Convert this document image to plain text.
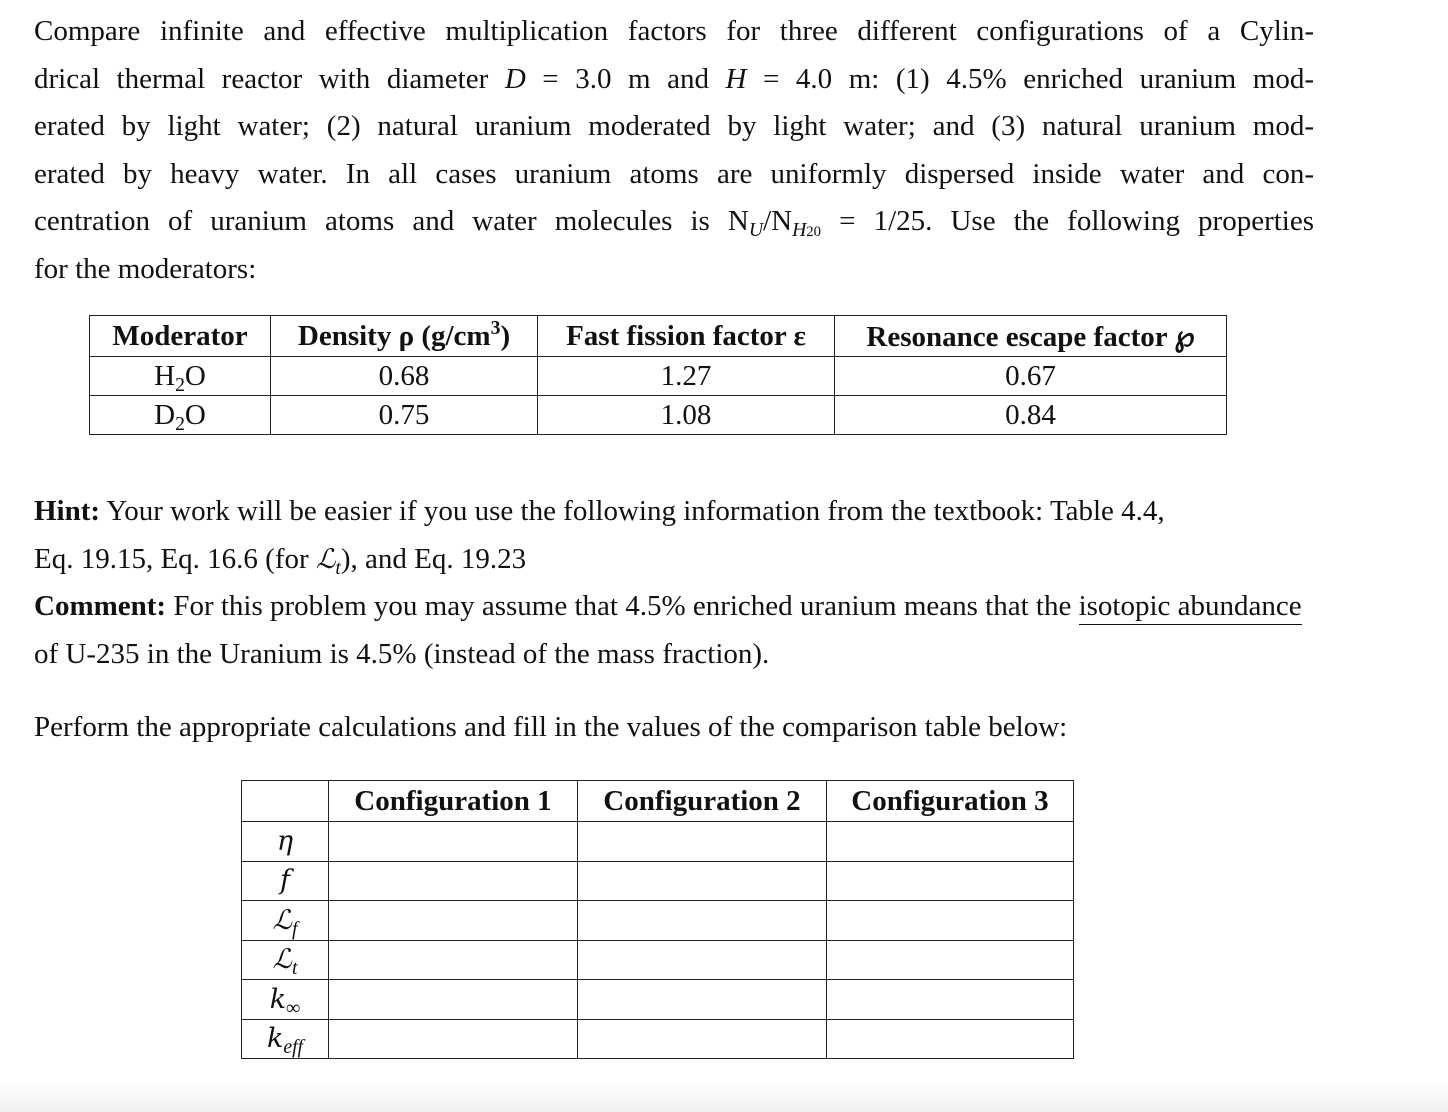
Compare infinite and effective multiplication factors for three different configurations of a Cylin-
drical thermal reactor with diameter D = 3.0 m and H = 4.0 m: (1) 4.5% enriched uranium mod-
erated by light water; (2) natural uranium moderated by light water; and (3) natural uranium mod-
erated by heavy water. In all cases uranium atoms are uniformly dispersed inside water and con-
centration of uranium atoms and water molecules is $N_U/N_{H20} = 1/25$. Use the following properties
for the moderators:

Moderator	Density ρ $(g/cm^3)$	Fast fission factor ε	Resonance escape factor ℘
$H_2O$	0.68	1.27	0.67
$D_2O$	0.75	1.08	0.84

Hint: Your work will be easier if you use the following information from the textbook: Table 4.4,
Eq. 19.15, Eq. 16.6 (for ℒ$_t$), and Eq. 19.23
Comment: For this problem you may assume that 4.5% enriched uranium means that the isotopic abundance
of U-235 in the Uranium is 4.5% (instead of the mass fraction).

Perform the appropriate calculations and fill in the values of the comparison table below:

	Configuration 1	Configuration 2	Configuration 3
η			
f			
ℒ$_f$			
ℒ$_t$			
$k_\infty$			
$k_{eff}$			
